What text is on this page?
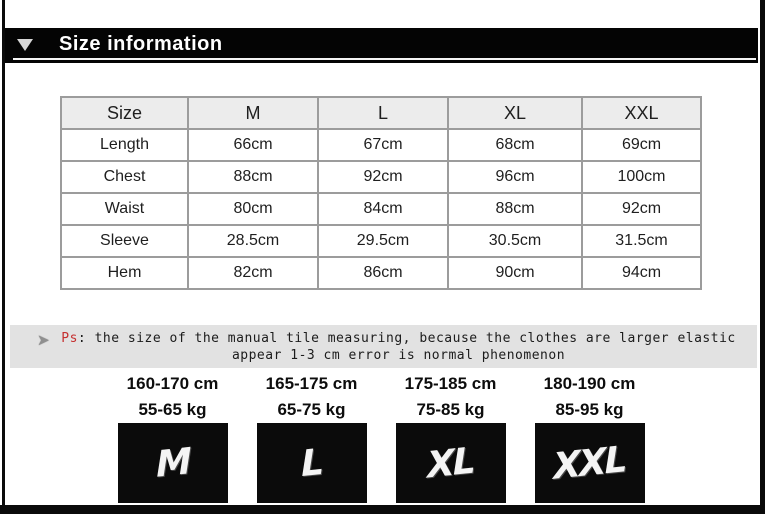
Size information
Size	M	L	XL	XXL
Length	66cm	67cm	68cm	69cm
Chest	88cm	92cm	96cm	100cm
Waist	80cm	84cm	88cm	92cm
Sleeve	28.5cm	29.5cm	30.5cm	31.5cm
Hem	82cm	86cm	90cm	94cm
➤ Ps: the size of the manual tile measuring, because the clothes are larger elastic
appear 1-3 cm error is normal phenomenon
160-170 cm
55-65 kg
M
165-175 cm
65-75 kg
L
175-185 cm
75-85 kg
XL
180-190 cm
85-95 kg
XXL
